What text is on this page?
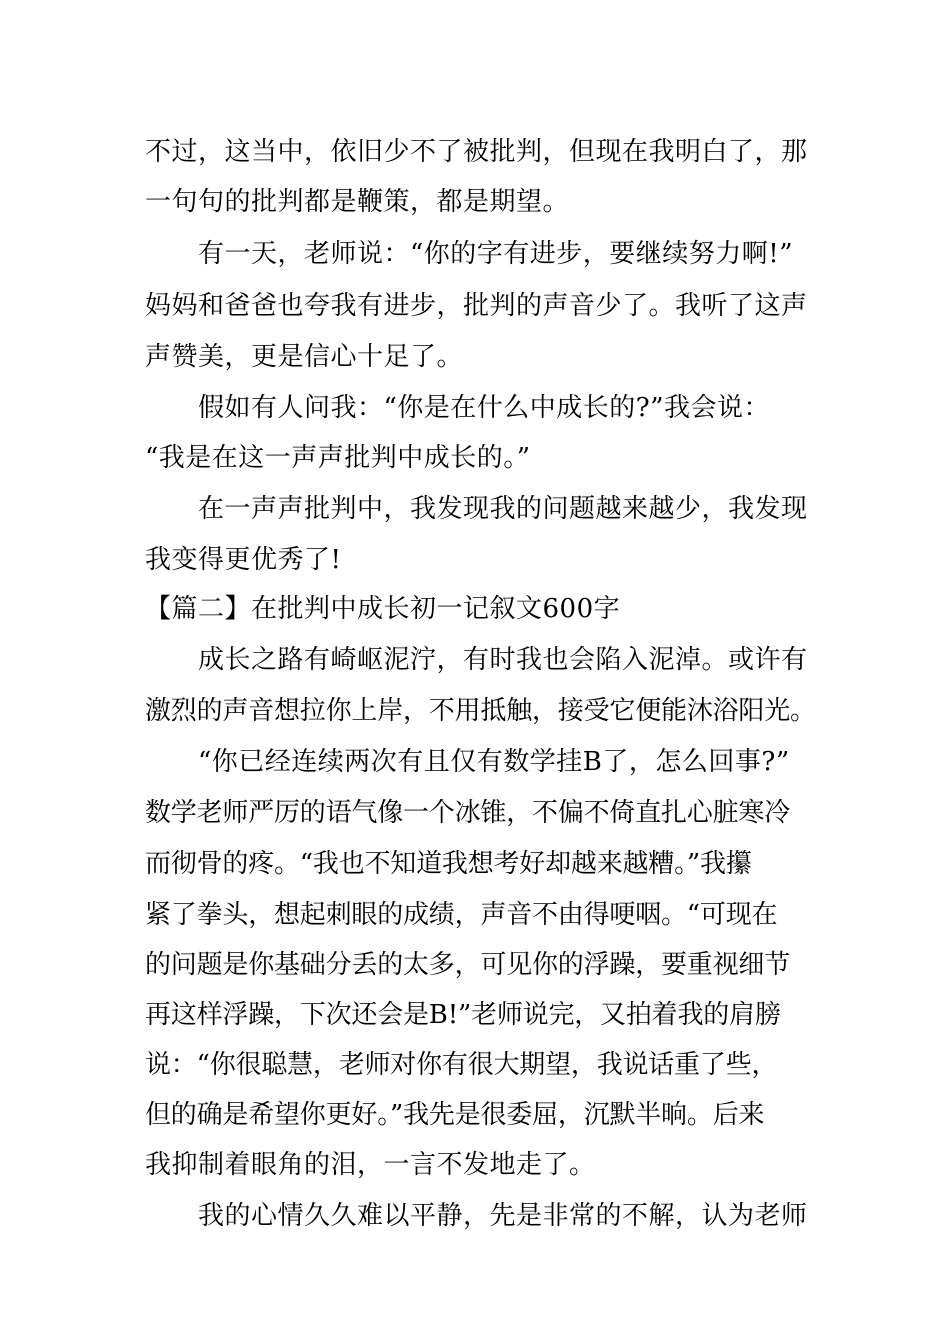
不过，这当中，依旧少不了被批判，但现在我明白了，那
一句句的批判都是鞭策，都是期望。
有一天，老师说：“你的字有进步，要继续努力啊!”
妈妈和爸爸也夸我有进步，批判的声音少了。我听了这声
声赞美，更是信心十足了。
假如有人问我：“你是在什么中成长的?”我会说：
“我是在这一声声批判中成长的。”
在一声声批判中，我发现我的问题越来越少，我发现
我变得更优秀了!
【篇二】在批判中成长初一记叙文600字
成长之路有崎岖泥泞，有时我也会陷入泥淖。或许有
激烈的声音想拉你上岸，不用抵触，接受它便能沐浴阳光。
“你已经连续两次有且仅有数学挂B了，怎么回事?”
数学老师严厉的语气像一个冰锥，不偏不倚直扎心脏寒冷
而彻骨的疼。“我也不知道我想考好却越来越糟。”我攥
紧了拳头，想起刺眼的成绩，声音不由得哽咽。“可现在
的问题是你基础分丢的太多，可见你的浮躁，要重视细节
再这样浮躁，下次还会是B!”老师说完，又拍着我的肩膀
说：“你很聪慧，老师对你有很大期望，我说话重了些，
但的确是希望你更好。”我先是很委屈，沉默半晌。后来
我抑制着眼角的泪，一言不发地走了。
我的心情久久难以平静，先是非常的不解，认为老师
